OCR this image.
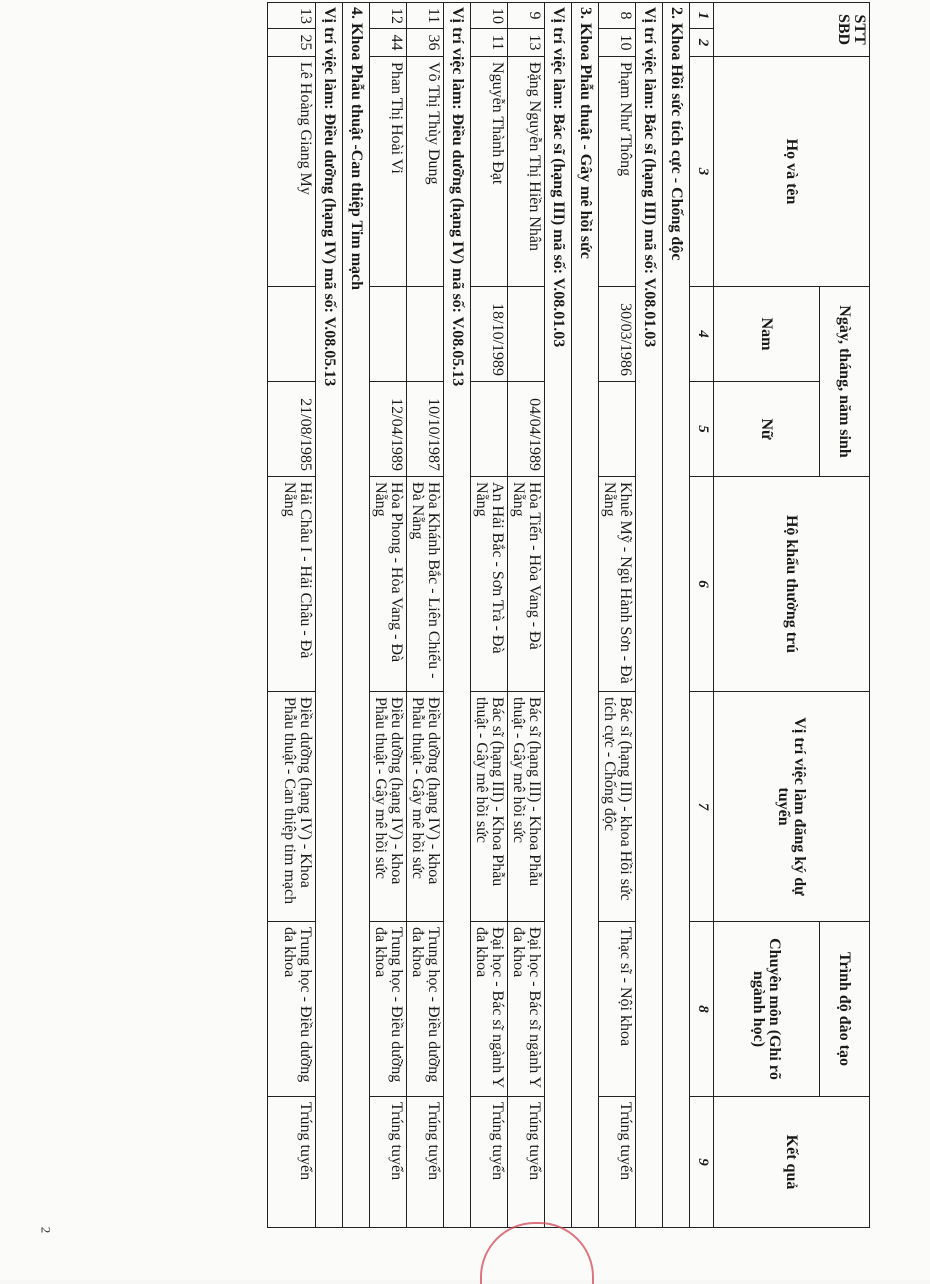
STT SBD		Họ và tên	Ngày, tháng, năm sinh		Hộ khẩu thường trú	Vị trí việc làm đăng ký dự tuyển	Trình độ đào tạo	Kết quả
			Nam	Nữ			Chuyên môn (Ghi rõ ngành học)	
1	2	3	4	5	6	7	8	9
2. Khoa Hồi sức tích cực - Chống độc								
Vị trí việc làm: Bác sĩ (hạng III) mã số: V.08.01.03								
8	10	Phạm Như Thông	30/03/1986		Khuê Mỹ - Ngũ Hành Sơn - Đà Nẵng	Bác sĩ (hạng III) - khoa Hồi sức tích cực - Chống độc	Thạc sĩ - Nội khoa	Trúng tuyển
3. Khoa Phẫu thuật - Gây mê hồi sức								
Vị trí việc làm: Bác sĩ (hạng III) mã số: V.08.01.03								
9	13	Đặng Nguyễn Thị Hiền Nhân		04/04/1989	Hòa Tiến - Hòa Vang - Đà Nẵng	Bác sĩ (hạng III) - Khoa Phẫu thuật - Gây mê hồi sức	Đại học - Bác sĩ ngành Y đa khoa	Trúng tuyển
10	11	Nguyễn Thành Đạt	18/10/1989		An Hải Bắc - Sơn Trà - Đà Nẵng	Bác sĩ (hạng III) - Khoa Phẫu thuật - Gây mê hồi sức	Đại học - Bác sĩ ngành Y đa khoa	Trúng tuyển
Vị trí việc làm: Điều dưỡng (hạng IV) mã số: V.08.05.13								
11	36	Võ Thị Thùy Dung		10/10/1987	Hòa Khánh Bắc - Liên Chiểu - Đà Nẵng	Điều dưỡng (hạng IV) - khoa Phẫu thuật - Gây mê hồi sức	Trung học - Điều dưỡng đa khoa	Trúng tuyển
12	44	Phan Thị Hoài Vi		12/04/1989	Hòa Phong - Hòa Vang - Đà Nẵng	Điều dưỡng (hạng IV) - khoa Phẫu thuật - Gây mê hồi sức	Trung học - Điều dưỡng đa khoa	Trúng tuyển
4. Khoa Phẫu thuật -Can thiệp Tim mạch								
Vị trí việc làm: Điều dưỡng (hạng IV) mã số: V.08.05.13								
13	25	Lê Hoàng Giang My		21/08/1985	Hải Châu I - Hải Châu - Đà Nẵng	Điều dưỡng (hạng IV) - Khoa Phẫu thuật - Can thiệp tim mạch	Trung học - Điều dưỡng đa khoa	Trúng tuyển
2
